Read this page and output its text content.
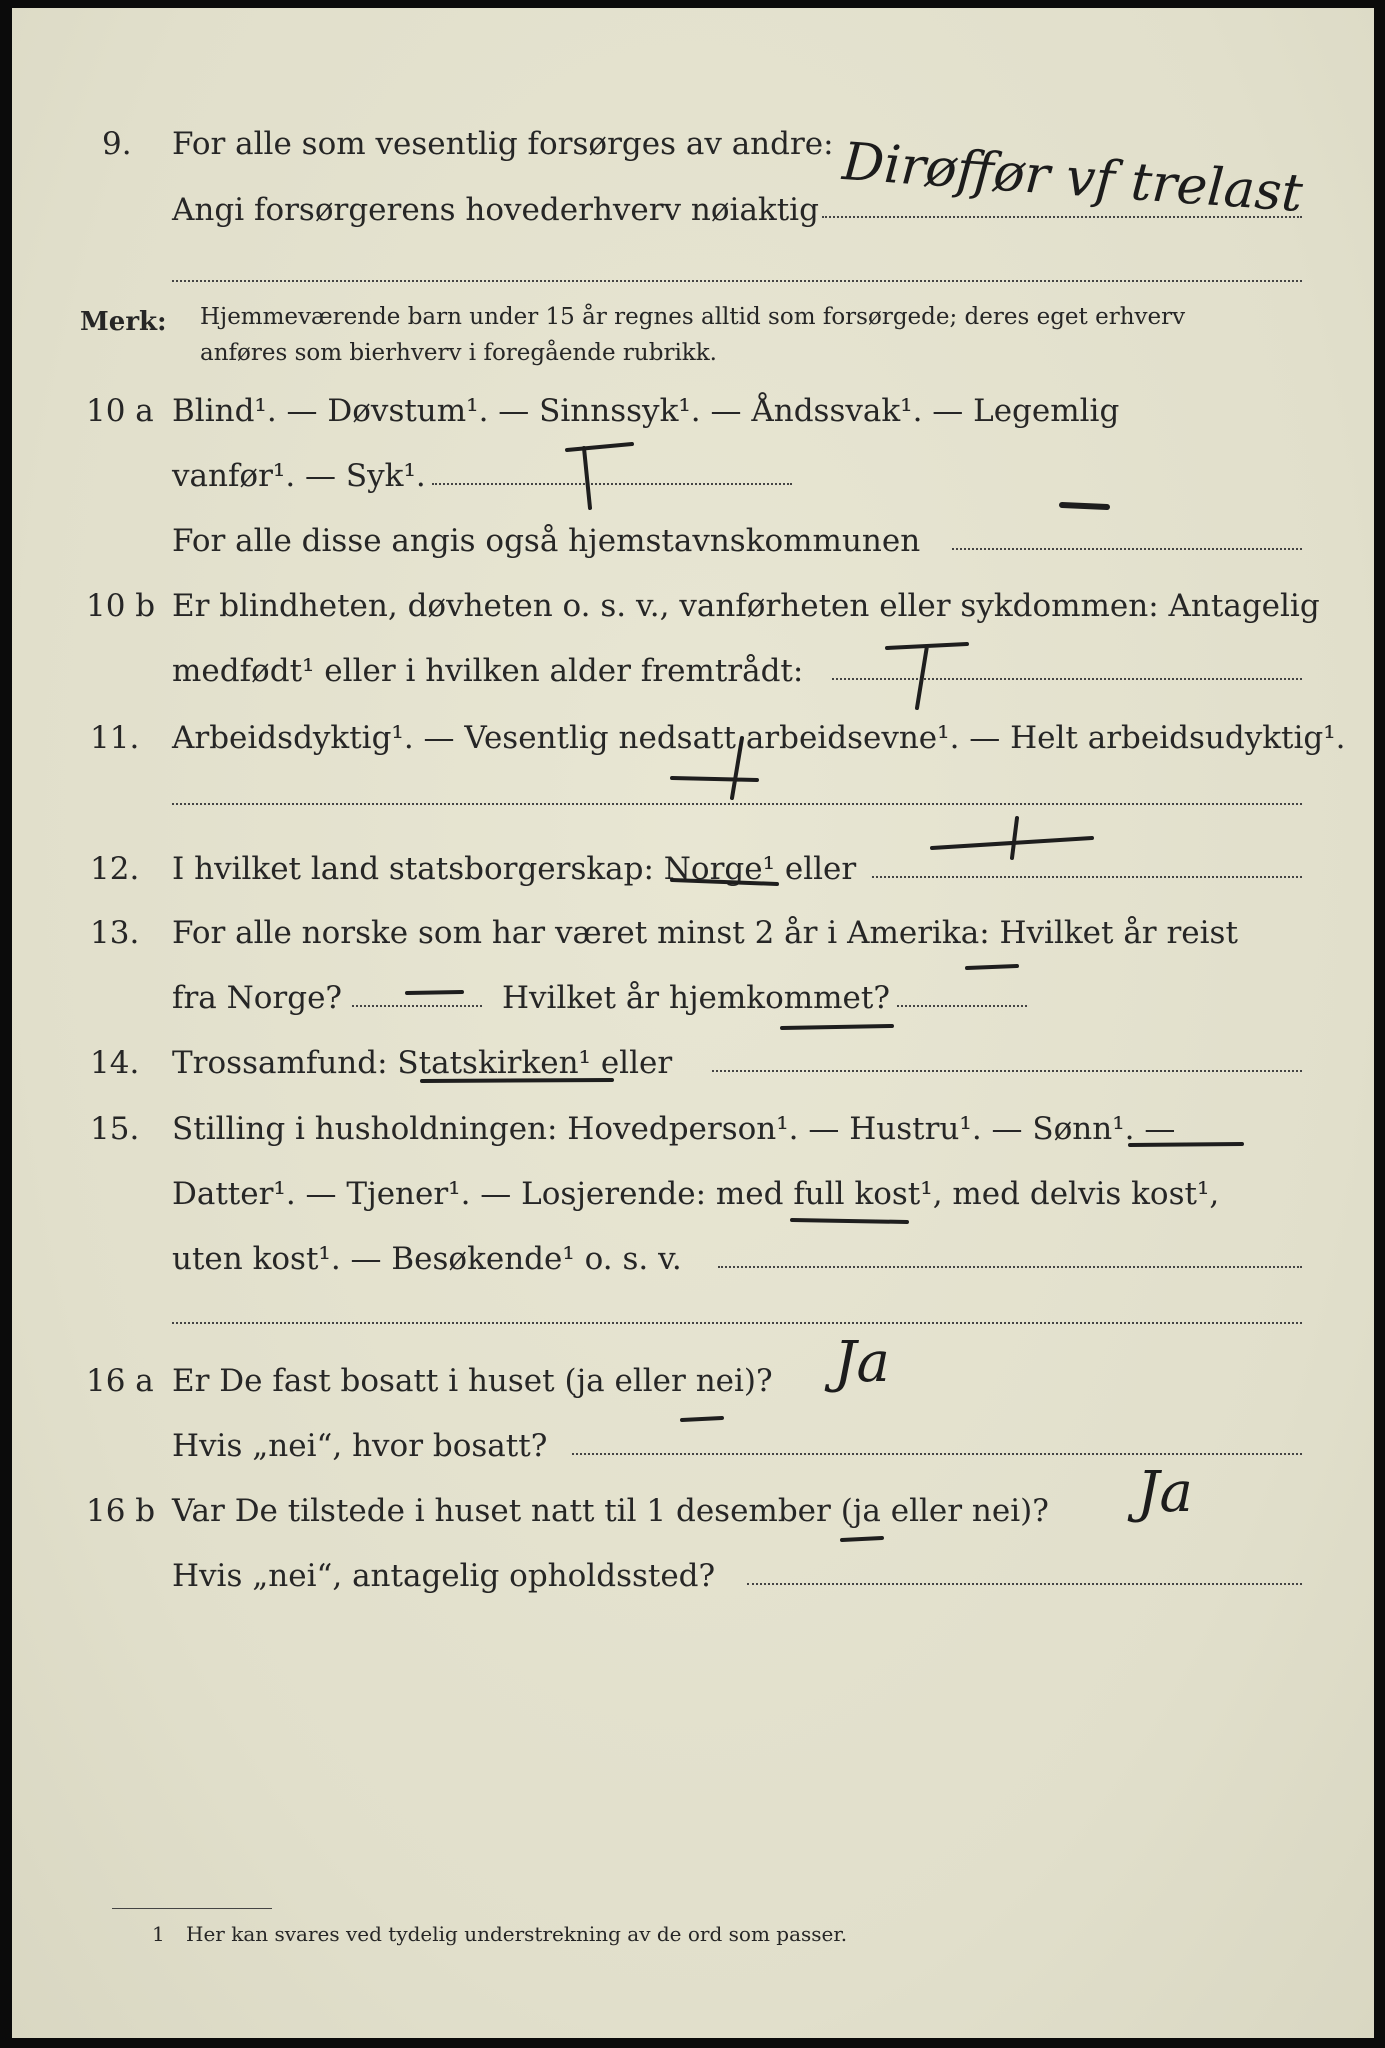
9. For alle som vesentlig forsørges av andre:
Angi forsørgerens hovederhverv nøiaktig Dirøffør vf trelast
Merk: Hjemmeværende barn under 15 år regnes alltid som forsørgede; deres eget erhverv
anføres som bierhverv i foregående rubrikk.
10 a Blind¹. — Døvstum¹. — Sinnssyk¹. — Åndssvak¹. — Legemlig
vanfør¹. — Syk¹.
For alle disse angis også hjemstavnskommunen
10 b Er blindheten, døvheten o. s. v., vanførheten eller sykdommen: Antagelig
medfødt¹ eller i hvilken alder fremtrådt:
11. Arbeidsdyktig¹. — Vesentlig nedsatt arbeidsevne¹. — Helt arbeidsudyktig¹.
12. I hvilket land statsborgerskap: Norge¹ eller
13. For alle norske som har været minst 2 år i Amerika: Hvilket år reist
fra Norge?	Hvilket år hjemkommet?
14. Trossamfund: Statskirken¹ eller
15. Stilling i husholdningen: Hovedperson¹. — Hustru¹. — Sønn¹. —
Datter¹. — Tjener¹. — Losjerende: med full kost¹, med delvis kost¹,
uten kost¹. — Besøkende¹ o. s. v.
16 a Er De fast bosatt i huset (ja eller nei)?
Hvis „nei“, hvor bosatt?
Ja
16 b Var De tilstede i huset natt til 1 desember (ja eller nei)?
Hvis „nei“, antagelig opholdssted?
Ja
1 Her kan svares ved tydelig understrekning av de ord som passer.
